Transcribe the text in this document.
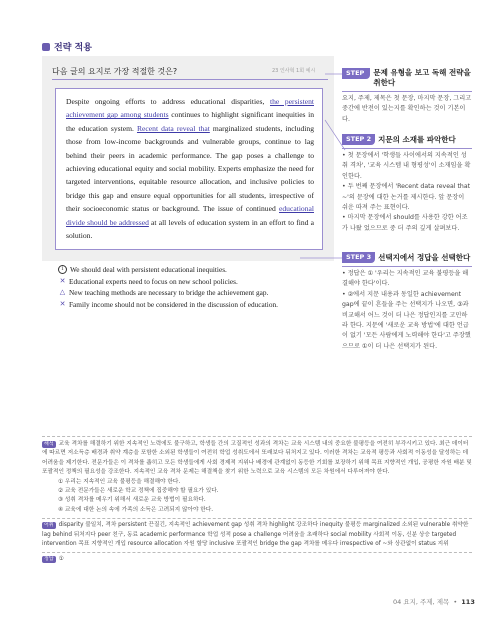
전략 적용
다음 글의 요지로 가장 적절한 것은?	23 인사혁 1회 예시
Despite ongoing efforts to address educational disparities, the persistent achievement gap among students continues to highlight significant inequities in the education system. Recent data reveal that marginalized students, including those from low-income backgrounds and vulnerable groups, continue to lag behind their peers in academic performance. The gap poses a challenge to achieving educational equity and social mobility. Experts emphasize the need for targeted interventions, equitable resource allocation, and inclusive policies to bridge this gap and ensure equal opportunities for all students, irrespective of their socioeconomic status or background. The issue of continued educational divide should be addressed at all levels of education system in an effort to find a solution.
1 We should deal with persistent educational inequities.
✕ Educational experts need to focus on new school policies.
△ New teaching methods are necessary to bridge the achievement gap.
✕ Family income should not be considered in the discussion of education.
STEP 1
문제 유형을 보고 독해 전략을 취한다
요지, 주제, 제목은 첫 문장, 마지막 문장, 그리고 중간에 반전이 있는지를 확인하는 것이 기본이다.
STEP 2 지문의 소재를 파악한다
• 첫 문장에서 '학생들 사이에서의 지속적인 성취 격차', '교육 시스템 내 형평성'이 소재임을 확인한다.
• 두 번째 문장에서 'Recent data reveal that ~'의 문장에 대한 논거를 제시한다. 앞 문장이 쉬운 따져 주는 표현이다.
• 마지막 문장에서 should를 사용한 강한 어조가 나왔 었으므로 중 더 주의 깊게 살펴보다.
STEP 3 선택지에서 정답을 선택한다
• 정답은 ① '우리는 지속적인 교육 불평등을 해결해야 한다'이다.
• ②에서 지문 내용과 동일한 achievement gap에 끝이 흔들을 주는 선택지가 나오면, ③과 비교해서 어느 것이 더 나은 정답인지를 고민하라 한다. 지문에 '새로운 교육 방법'에 대한 언급이 없기 '모든 사람에게 노력해야 한다'고 주장했으므로 ①이 더 나은 선택지가 된다.
해석 교육 격차를 해결하기 위한 지속적인 노력에도 불구하고, 학생들 간의 고질적인 성과의 격차는 교육 시스템 내의 중요한 불평등을 여전히 부각시키고 있다. 최근 데이터에 따르면 저소득층 배경과 취약 계층을 포함한 소외된 학생들이 여전히 학업 성취도에서 또래보다 뒤처지고 있다. 이러한 격차는 교육적 평등과 사회적 이동성을 달성하는 데 어려움을 제기한다. 전문가들은 이 격차를 좁히고 모든 학생들에게 사회 경제적 지위나 배경에 관계없이 동등한 기회를 보장하기 위해 목표 지향적인 개입, 공평한 자원 배분 및 포괄적인 정책의 필요성을 강조한다. 지속적인 교육 격차 문제는 해결책을 찾기 위한 노력으로 교육 시스템의 모든 차원에서 다루어져야 한다.
① 우리는 지속적인 교육 불평등을 해결해야 한다.
② 교육 전문가들은 새로운 학교 정책에 집중해야 할 필요가 있다.
③ 성취 격차를 메우기 위해서 새로운 교육 방법이 필요하다.
④ 교육에 대한 논의 속에 가족의 소득은 고려되지 않아야 한다.
어휘 disparity 불일치, 격차 persistent 끈질긴, 지속적인 achievement gap 성취 격차 highlight 강조하다 inequity 불평등 marginalized 소외된 vulnerable 취약한 lag behind 뒤처지다 peer 친구, 동료 academic performance 학업 성적 pose a challenge 어려움을 초래하다 social mobility 사회적 이동, 신분 상승 targeted intervention 목표 지향적인 개입 resource allocation 자원 할당 inclusive 포괄적인 bridge the gap 격차를 메우다 irrespective of ~와 상관없이 status 지위
정답 ①
04 요지, 주제, 제목 • 113
